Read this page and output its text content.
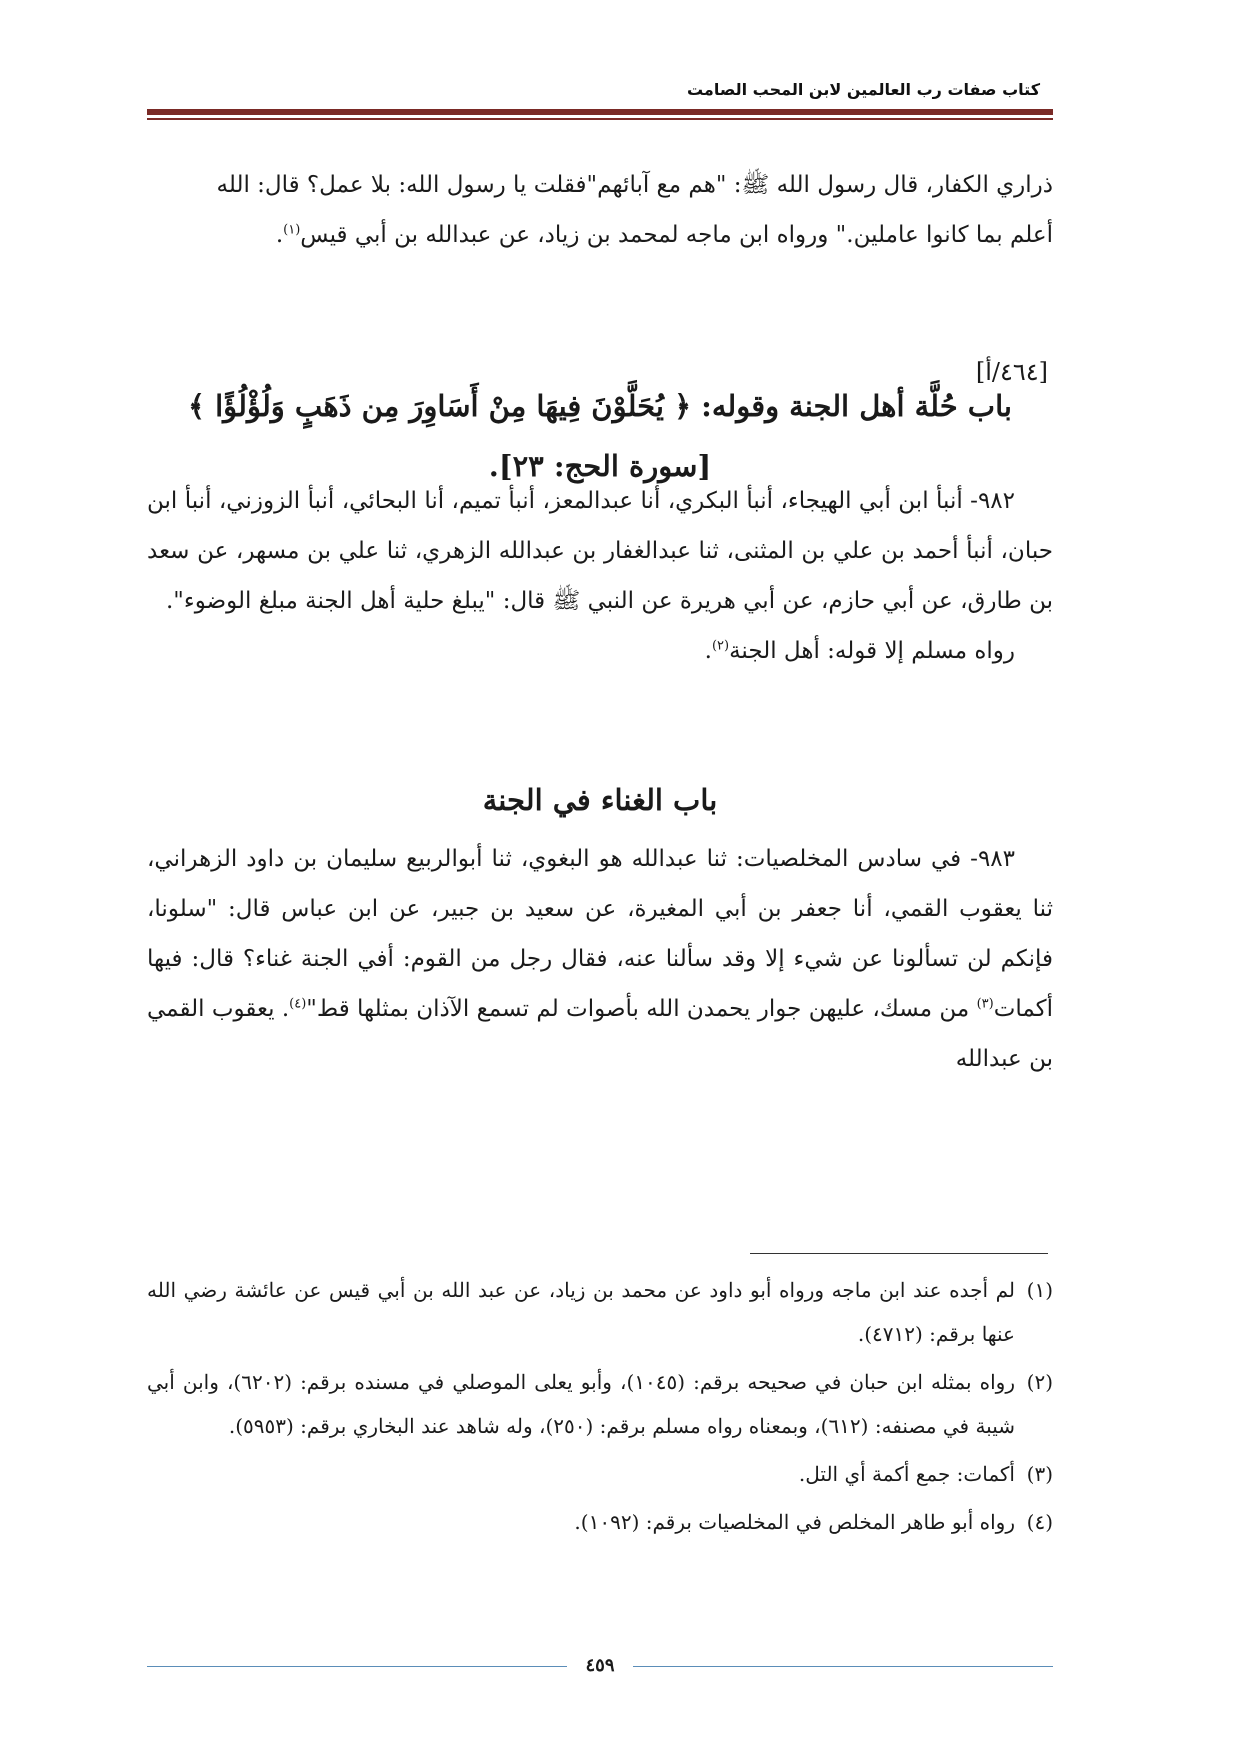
كتاب صفات رب العالمين لابن المحب الصامت

ذراري الكفار، قال رسول الله ﷺ: "هم مع آبائهم"فقلت يا رسول الله: بلا عمل؟ قال: الله

أعلم بما كانوا عاملين." ورواه ابن ماجه لمحمد بن زياد، عن عبدالله بن أبي قيس$^{(١)}$.

[٤٦٤/أ]
باب حُلَّة أهل الجنة وقوله: ﴿ يُحَلَّوْنَ فِيهَا مِنْ أَسَاوِرَ مِن ذَهَبٍ وَلُؤْلُؤًا ﴾
[سورة الحج: ٢٣].

٩٨٢- أنبأ ابن أبي الهيجاء، أنبأ البكري، أنا عبدالمعز، أنبأ تميم، أنا البحائي، أنبأ الزوزني، أنبأ ابن حبان، أنبأ أحمد بن علي بن المثنى، ثنا عبدالغفار بن عبدالله الزهري، ثنا علي بن مسهر، عن سعد بن طارق، عن أبي حازم، عن أبي هريرة عن النبي ﷺ قال: "يبلغ حلية أهل الجنة مبلغ الوضوء".

رواه مسلم إلا قوله: أهل الجنة$^{(٢)}$.

باب الغناء في الجنة

٩٨٣- في سادس المخلصيات: ثنا عبدالله هو البغوي، ثنا أبوالربيع سليمان بن داود الزهراني، ثنا يعقوب القمي، أنا جعفر بن أبي المغيرة، عن سعيد بن جبير، عن ابن عباس قال: "سلونا، فإنكم لن تسألونا عن شيء إلا وقد سألنا عنه، فقال رجل من القوم: أفي الجنة غناء؟ قال: فيها أكمات$^{(٣)}$ من مسك، عليهن جوار يحمدن الله بأصوات لم تسمع الآذان بمثلها قط"$^{(٤)}$. يعقوب القمي بن عبدالله

(١)لم أجده عند ابن ماجه ورواه أبو داود عن محمد بن زياد، عن عبد الله بن أبي قيس عن عائشة رضي الله عنها برقم: (٤٧١٢).

(٢)رواه بمثله ابن حبان في صحيحه برقم: (١٠٤٥)، وأبو يعلى الموصلي في مسنده برقم: (٦٢٠٢)، وابن أبي شيبة في مصنفه: (٦١٢)، وبمعناه رواه مسلم برقم: (٢٥٠)، وله شاهد عند البخاري برقم: (٥٩٥٣).

(٣)أكمات: جمع أكمة أي التل.

(٤)رواه أبو طاهر المخلص في المخلصيات برقم: (١٠٩٢).

٤٥٩
